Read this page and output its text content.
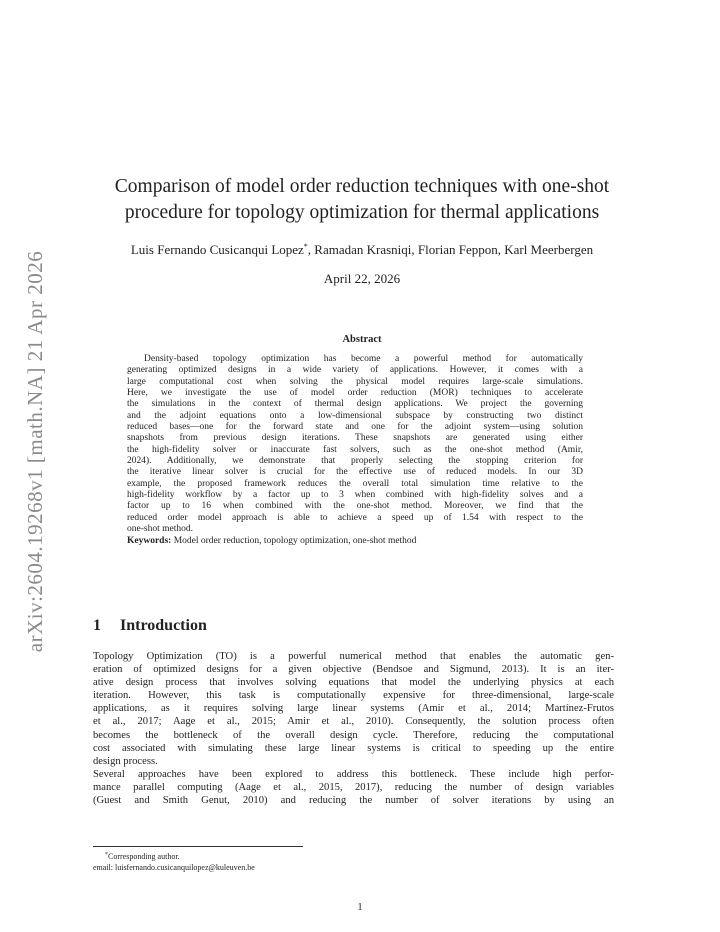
arXiv:2604.19268v1 [math.NA] 21 Apr 2026
Comparison of model order reduction techniques with one-shot
procedure for topology optimization for thermal applications
Luis Fernando Cusicanqui Lopez*, Ramadan Krasniqi, Florian Feppon, Karl Meerbergen
April 22, 2026
Abstract
Density-based topology optimization has become a powerful method for automatically
generating optimized designs in a wide variety of applications. However, it comes with a
large computational cost when solving the physical model requires large-scale simulations.
Here, we investigate the use of model order reduction (MOR) techniques to accelerate
the simulations in the context of thermal design applications. We project the governing
and the adjoint equations onto a low-dimensional subspace by constructing two distinct
reduced bases—one for the forward state and one for the adjoint system—using solution
snapshots from previous design iterations. These snapshots are generated using either
the high-fidelity solver or inaccurate fast solvers, such as the one-shot method (Amir,
2024). Additionally, we demonstrate that properly selecting the stopping criterion for
the iterative linear solver is crucial for the effective use of reduced models. In our 3D
example, the proposed framework reduces the overall total simulation time relative to the
high-fidelity workflow by a factor up to 3 when combined with high-fidelity solves and a
factor up to 16 when combined with the one-shot method. Moreover, we find that the
reduced order model approach is able to achieve a speed up of 1.54 with respect to the
one-shot method.
Keywords: Model order reduction, topology optimization, one-shot method
1 Introduction
Topology Optimization (TO) is a powerful numerical method that enables the automatic gen-
eration of optimized designs for a given objective (Bendsoe and Sigmund, 2013). It is an iter-
ative design process that involves solving equations that model the underlying physics at each
iteration. However, this task is computationally expensive for three-dimensional, large-scale
applications, as it requires solving large linear systems (Amir et al., 2014; Martínez-Frutos
et al., 2017; Aage et al., 2015; Amir et al., 2010). Consequently, the solution process often
becomes the bottleneck of the overall design cycle. Therefore, reducing the computational
cost associated with simulating these large linear systems is critical to speeding up the entire
design process.
Several approaches have been explored to address this bottleneck. These include high perfor-
mance parallel computing (Aage et al., 2015, 2017), reducing the number of design variables
(Guest and Smith Genut, 2010) and reducing the number of solver iterations by using an
*Corresponding author.
email: luisfernando.cusicanquilopez@kuleuven.be
1
